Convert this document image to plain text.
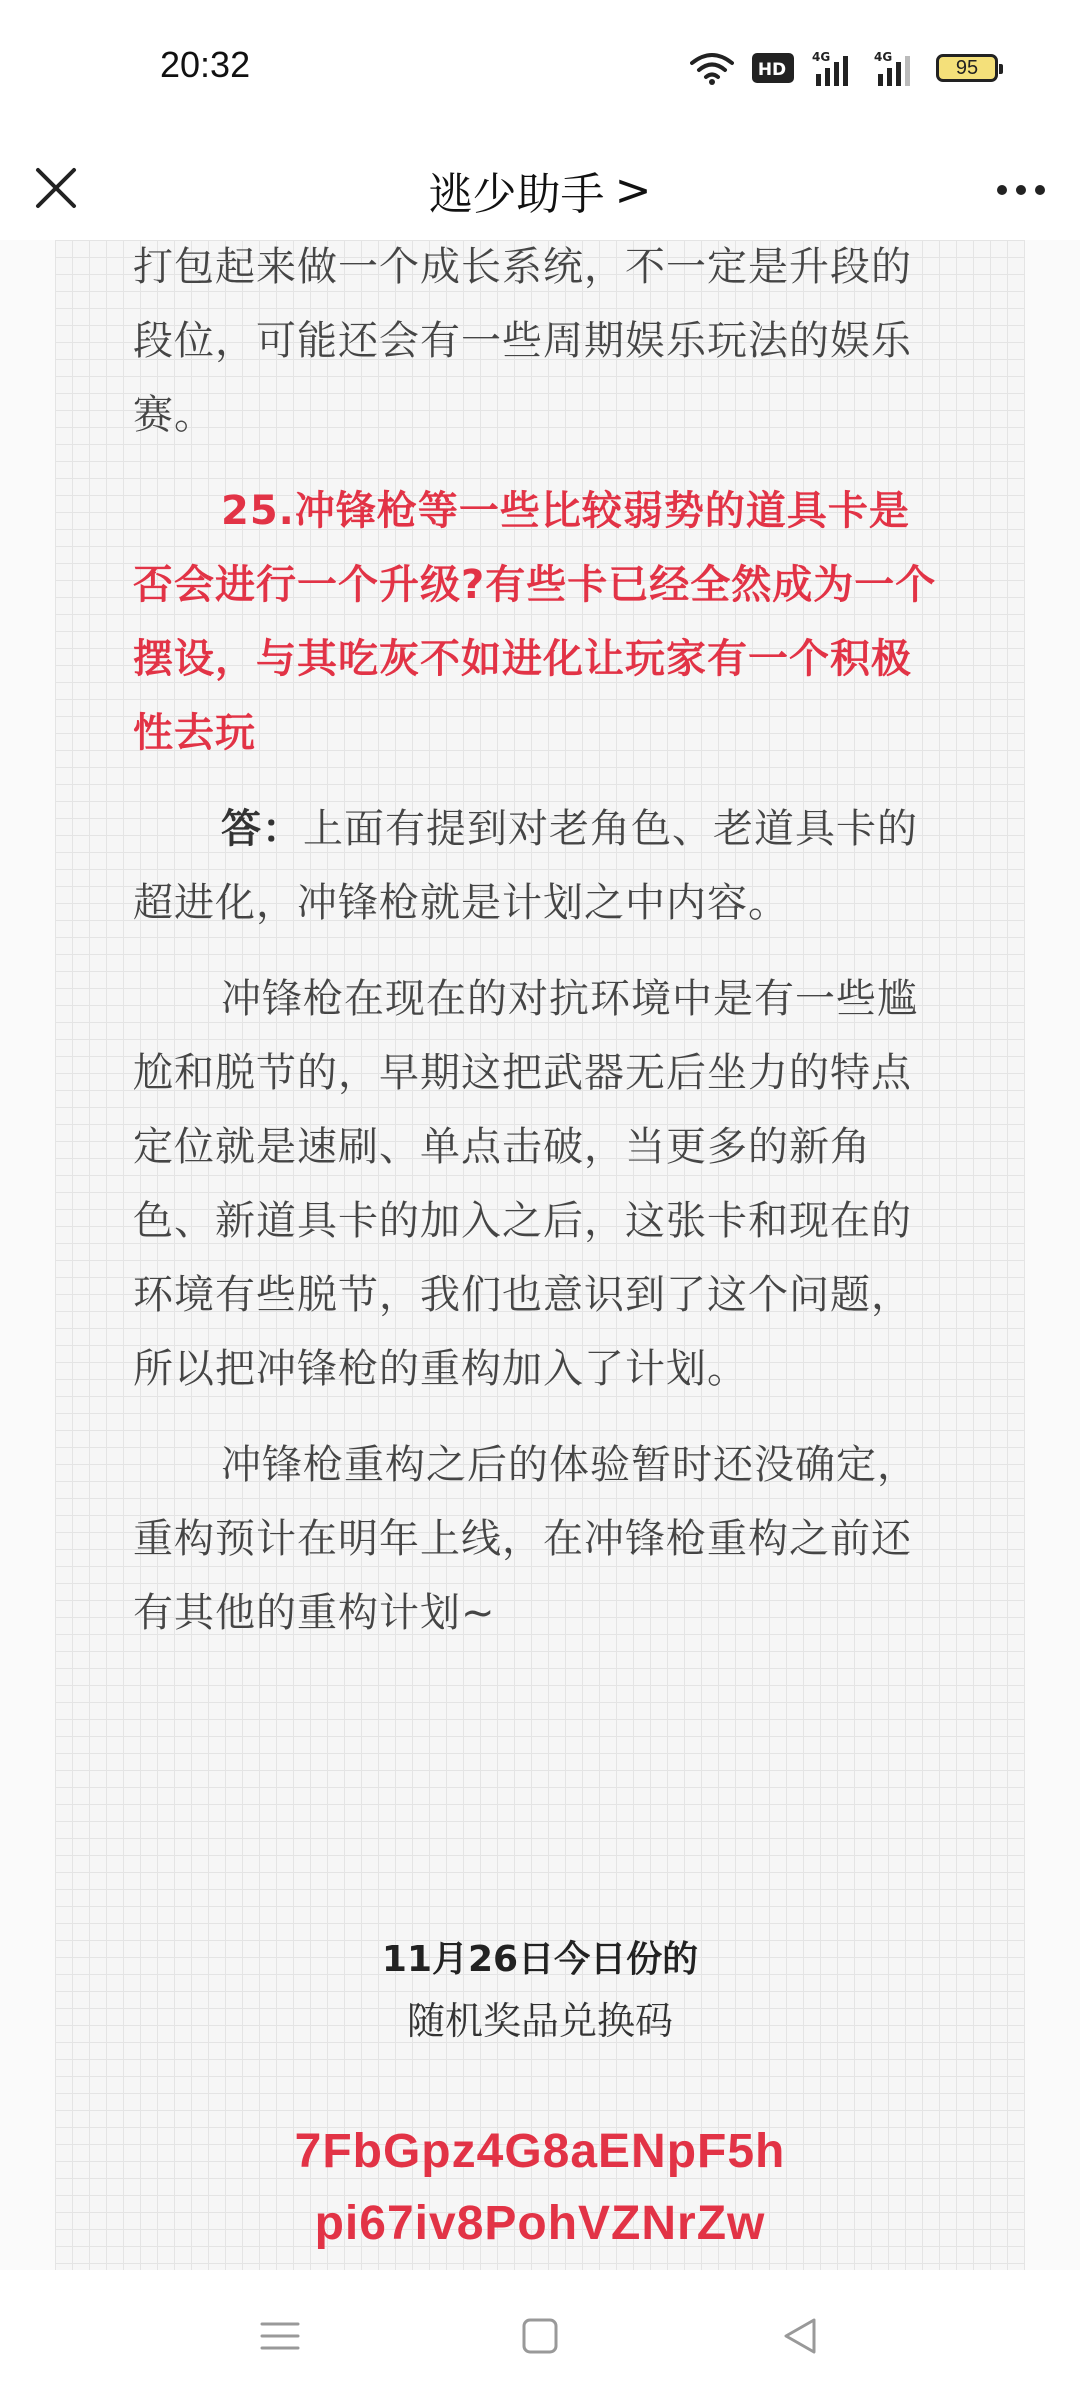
20:32	HD
4G	4G	95
逃少助手 >

打包起来做一个成长系统，不一定是升段的段位，可能还会有一些周期娱乐玩法的娱乐赛。

25.冲锋枪等一些比较弱势的道具卡是否会进行一个升级?有些卡已经全然成为一个摆设，与其吃灰不如进化让玩家有一个积极性去玩

答：上面有提到对老角色、老道具卡的超进化，冲锋枪就是计划之中内容。

冲锋枪在现在的对抗环境中是有一些尴尬和脱节的，早期这把武器无后坐力的特点定位就是速刷、单点击破，当更多的新角色、新道具卡的加入之后，这张卡和现在的环境有些脱节，我们也意识到了这个问题，所以把冲锋枪的重构加入了计划。

冲锋枪重构之后的体验暂时还没确定，重构预计在明年上线，在冲锋枪重构之前还有其他的重构计划~

11月26日今日份的
随机奖品兑换码
7FbGpz4G8aENpF5h
pi67iv8PohVZNrZw
